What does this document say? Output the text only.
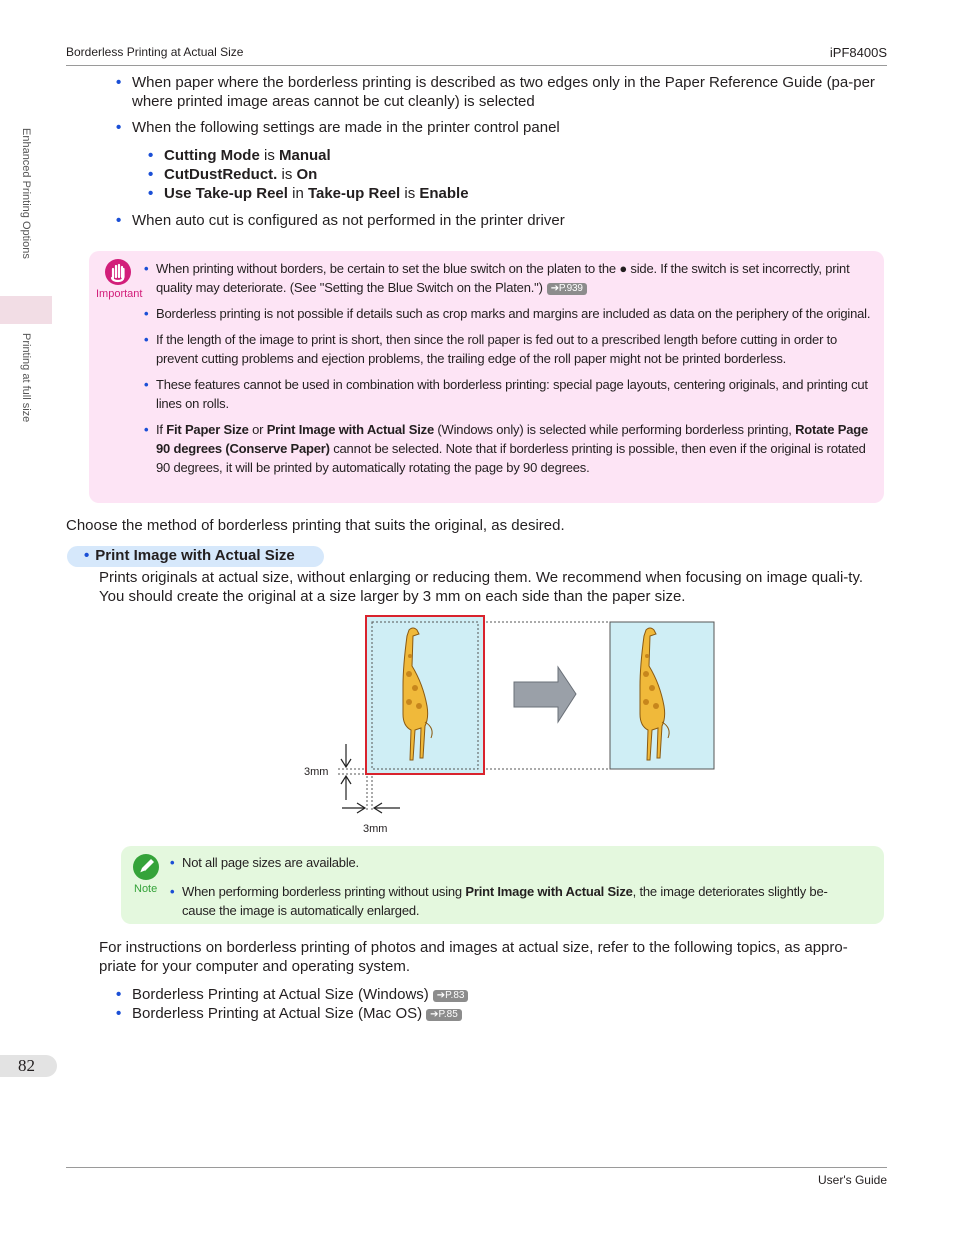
Borderless Printing at Actual Size	iPF8400S
Enhanced Printing Options
Printing at full size
• When paper where the borderless printing is described as two edges only in the Paper Reference Guide (pa-per where printed image areas cannot be cut cleanly) is selected
• When the following settings are made in the printer control panel
• Cutting Mode is Manual
• CutDustReduct. is On
• Use Take-up Reel in Take-up Reel is Enable
• When auto cut is configured as not performed in the printer driver
Important
• When printing without borders, be certain to set the blue switch on the platen to the ● side. If the switch is set incorrectly, print quality may deteriorate. (See "Setting the Blue Switch on the Platen.") ➔P.939
• Borderless printing is not possible if details such as crop marks and margins are included as data on the periphery of the original.
• If the length of the image to print is short, then since the roll paper is fed out to a prescribed length before cutting in order to prevent cutting problems and ejection problems, the trailing edge of the roll paper might not be printed borderless.
• These features cannot be used in combination with borderless printing: special page layouts, centering originals, and printing cut lines on rolls.
• If Fit Paper Size or Print Image with Actual Size (Windows only) is selected while performing borderless printing, Rotate Page 90 degrees (Conserve Paper) cannot be selected. Note that if borderless printing is possible, then even if the original is rotated 90 degrees, it will be printed by automatically rotating the page by 90 degrees.
Choose the method of borderless printing that suits the original, as desired.
• Print Image with Actual Size
Prints originals at actual size, without enlarging or reducing them. We recommend when focusing on image quali-ty. You should create the original at a size larger by 3 mm on each side than the paper size.
3mm
3mm
Note
• Not all page sizes are available.
• When performing borderless printing without using Print Image with Actual Size, the image deteriorates slightly be-cause the image is automatically enlarged.
For instructions on borderless printing of photos and images at actual size, refer to the following topics, as appro-priate for your computer and operating system.
• Borderless Printing at Actual Size (Windows) ➔P.83
• Borderless Printing at Actual Size (Mac OS) ➔P.85
82
User's Guide
